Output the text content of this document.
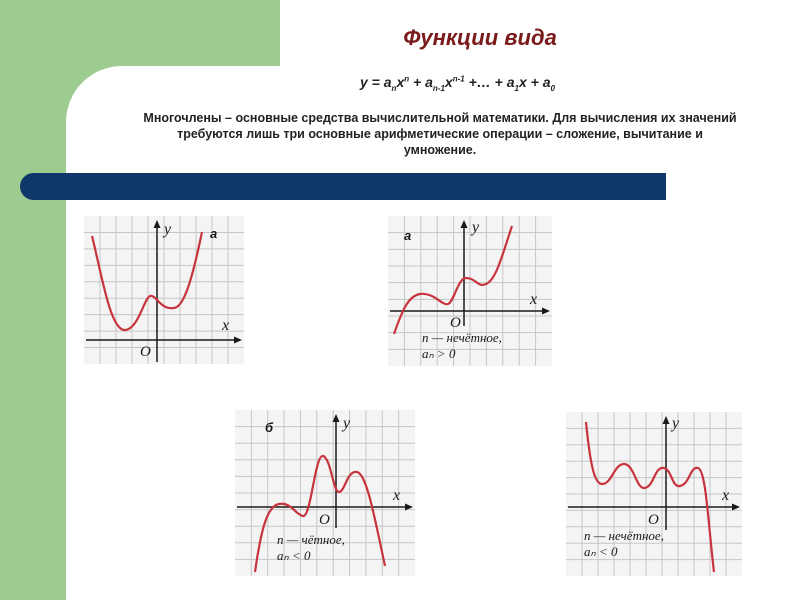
Функции вида
$y = a_nx^n + a_{n-1}x^{n-1}$ +… + $a_1x + a_0$

Многочлены – основные средства вычислительной математики. Для вычисления их значений требуются лишь три основные арифметические операции – сложение, вычитание и умножение.

y
x
O
а	y
x
O
а
n — нечётное,
aₙ > 0
y
x
O
б
n — чётное,
aₙ < 0
y
x
O
n — нечётное,
aₙ < 0
